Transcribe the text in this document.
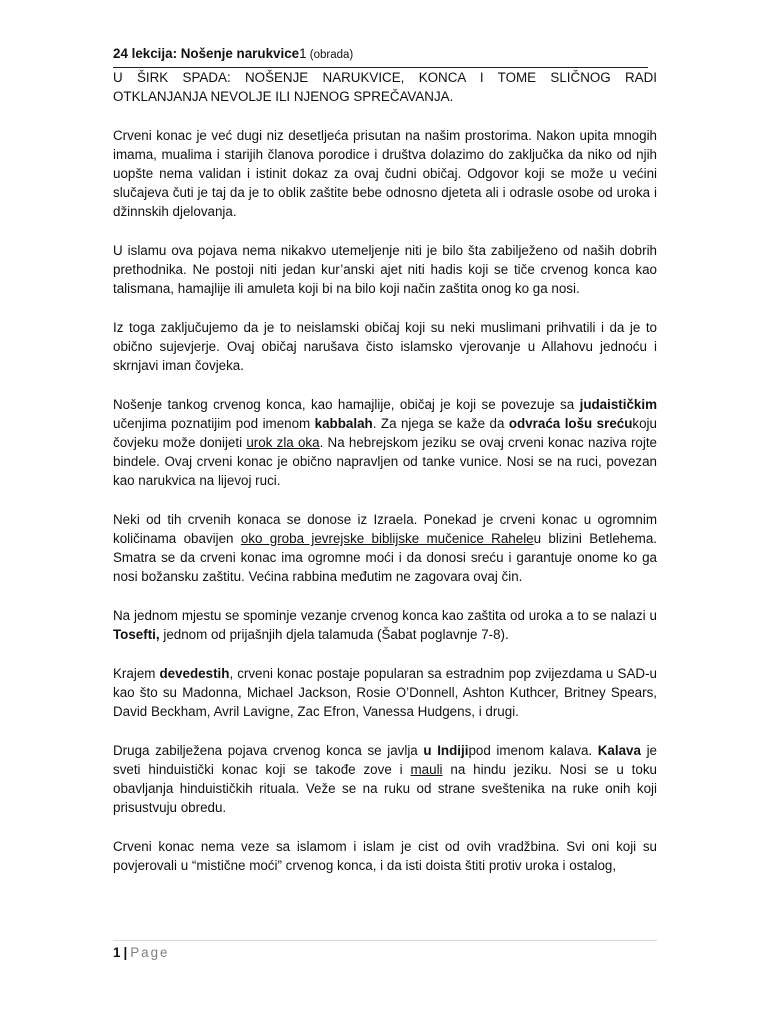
24 lekcija: Nošenje narukvice1 (obrada)

U ŠIRK SPADA: NOŠENJE NARUKVICE, KONCA I TOME SLIČNOG RADI OTKLANJANJA NEVOLJE ILI NJENOG SPREČAVANJA.

Crveni konac je već dugi niz desetljeća prisutan na našim prostorima. Nakon upita mnogih imama, mualima i starijih članova porodice i društva dolazimo do zaključka da niko od njih uopšte nema validan i istinit dokaz za ovaj čudni običaj. Odgovor koji se može u većini slučajeva čuti je taj da je to oblik zaštite bebe odnosno djeteta ali i odrasle osobe od uroka i džinnskih djelovanja.

U islamu ova pojava nema nikakvo utemeljenje niti je bilo šta zabilježeno od naših dobrih prethodnika. Ne postoji niti jedan kur’anski ajet niti hadis koji se tiče crvenog konca kao talismana, hamajlije ili amuleta koji bi na bilo koji način zaštita onog ko ga nosi.

Iz toga zaključujemo da je to neislamski običaj koji su neki muslimani prihvatili i da je to obično sujevjerje. Ovaj običaj narušava čisto islamsko vjerovanje u Allahovu jednoću i skrnjavi iman čovjeka.

Nošenje tankog crvenog konca, kao hamajlije, običaj je koji se povezuje sa judaističkim učenjima poznatijim pod imenom kabbalah. Za njega se kaže da odvraća lošu srećukoju čovjeku može donijeti urok zla oka. Na hebrejskom jeziku se ovaj crveni konac naziva rojte bindele. Ovaj crveni konac je obično napravljen od tanke vunice. Nosi se na ruci, povezan kao narukvica na lijevoj ruci.

Neki od tih crvenih konaca se donose iz Izraela. Ponekad je crveni konac u ogromnim količinama obavijen oko groba jevrejske biblijske mučenice Raheleu blizini Betlehema. Smatra se da crveni konac ima ogromne moći i da donosi sreću i garantuje onome ko ga nosi božansku zaštitu. Većina rabbina međutim ne zagovara ovaj čin.

Na jednom mjestu se spominje vezanje crvenog konca kao zaštita od uroka a to se nalazi u Tosefti, jednom od prijašnjih djela talamuda (Šabat poglavnje 7-8).

Krajem devedestih, crveni konac postaje popularan sa estradnim pop zvijezdama u SAD-u kao što su Madonna, Michael Jackson, Rosie O’Donnell, Ashton Kuthcer, Britney Spears, David Beckham, Avril Lavigne, Zac Efron, Vanessa Hudgens, i drugi.

Druga zabilježena pojava crvenog konca se javlja u Indijipod imenom kalava. Kalava je sveti hinduistički konac koji se takođe zove i mauli na hindu jeziku. Nosi se u toku obavljanja hinduističkih rituala. Veže se na ruku od strane sveštenika na ruke onih koji prisustvuju obredu.

Crveni konac nema veze sa islamom i islam je cist od ovih vradžbina. Svi oni koji su povjerovali u “mistične moći” crvenog konca, i da isti doista štiti protiv uroka i ostalog,

1 | Page
